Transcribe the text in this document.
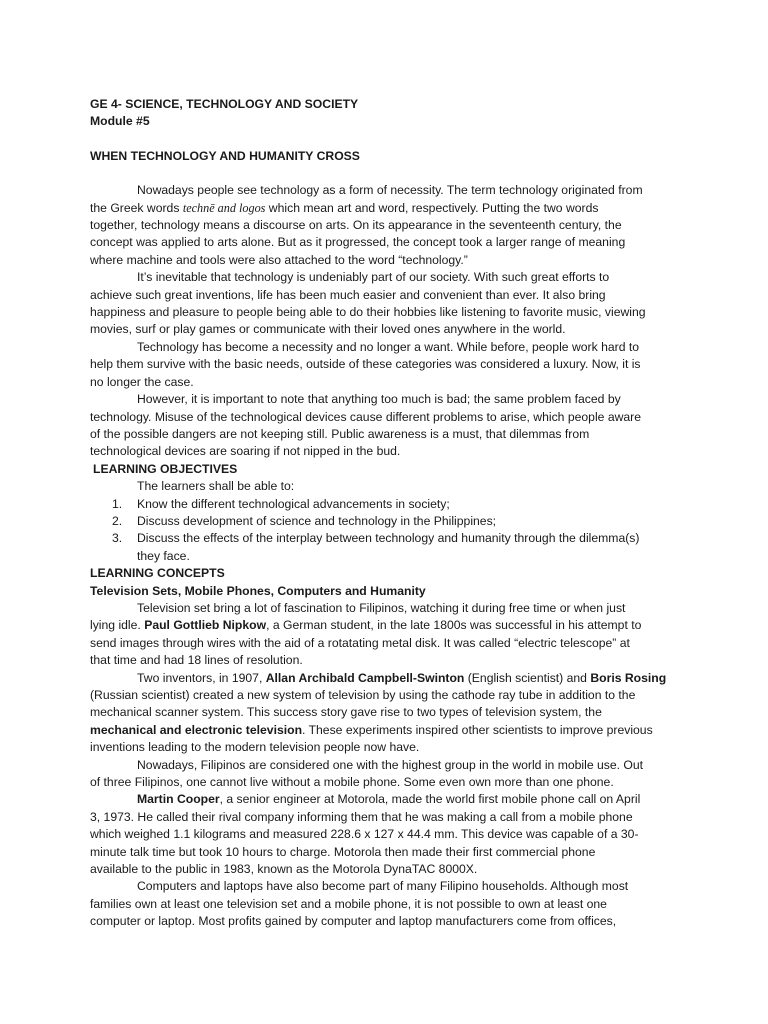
GE 4- SCIENCE, TECHNOLOGY AND SOCIETY
Module #5
WHEN TECHNOLOGY AND HUMANITY CROSS
Nowadays people see technology as a form of necessity. The term technology originated from
the Greek words technē and logos which mean art and word, respectively. Putting the two words
together, technology means a discourse on arts. On its appearance in the seventeenth century, the
concept was applied to arts alone. But as it progressed, the concept took a larger range of meaning
where machine and tools were also attached to the word “technology.”
It’s inevitable that technology is undeniably part of our society. With such great efforts to
achieve such great inventions, life has been much easier and convenient than ever. It also bring
happiness and pleasure to people being able to do their hobbies like listening to favorite music, viewing
movies, surf or play games or communicate with their loved ones anywhere in the world.
Technology has become a necessity and no longer a want. While before, people work hard to
help them survive with the basic needs, outside of these categories was considered a luxury. Now, it is
no longer the case.
However, it is important to note that anything too much is bad; the same problem faced by
technology. Misuse of the technological devices cause different problems to arise, which people aware
of the possible dangers are not keeping still. Public awareness is a must, that dilemmas from
technological devices are soaring if not nipped in the bud.
LEARNING OBJECTIVES
The learners shall be able to:
1. Know the different technological advancements in society;
2. Discuss development of science and technology in the Philippines;
3. Discuss the effects of the interplay between technology and humanity through the dilemma(s)
they face.
LEARNING CONCEPTS
Television Sets, Mobile Phones, Computers and Humanity
Television set bring a lot of fascination to Filipinos, watching it during free time or when just
lying idle. Paul Gottlieb Nipkow, a German student, in the late 1800s was successful in his attempt to
send images through wires with the aid of a rotatating metal disk. It was called “electric telescope” at
that time and had 18 lines of resolution.
Two inventors, in 1907, Allan Archibald Campbell-Swinton (English scientist) and Boris Rosing
(Russian scientist) created a new system of television by using the cathode ray tube in addition to the
mechanical scanner system. This success story gave rise to two types of television system, the
mechanical and electronic television. These experiments inspired other scientists to improve previous
inventions leading to the modern television people now have.
Nowadays, Filipinos are considered one with the highest group in the world in mobile use. Out
of three Filipinos, one cannot live without a mobile phone. Some even own more than one phone.
Martin Cooper, a senior engineer at Motorola, made the world first mobile phone call on April
3, 1973. He called their rival company informing them that he was making a call from a mobile phone
which weighed 1.1 kilograms and measured 228.6 x 127 x 44.4 mm. This device was capable of a 30-
minute talk time but took 10 hours to charge. Motorola then made their first commercial phone
available to the public in 1983, known as the Motorola DynaTAC 8000X.
Computers and laptops have also become part of many Filipino households. Although most
families own at least one television set and a mobile phone, it is not possible to own at least one
computer or laptop. Most profits gained by computer and laptop manufacturers come from offices,
